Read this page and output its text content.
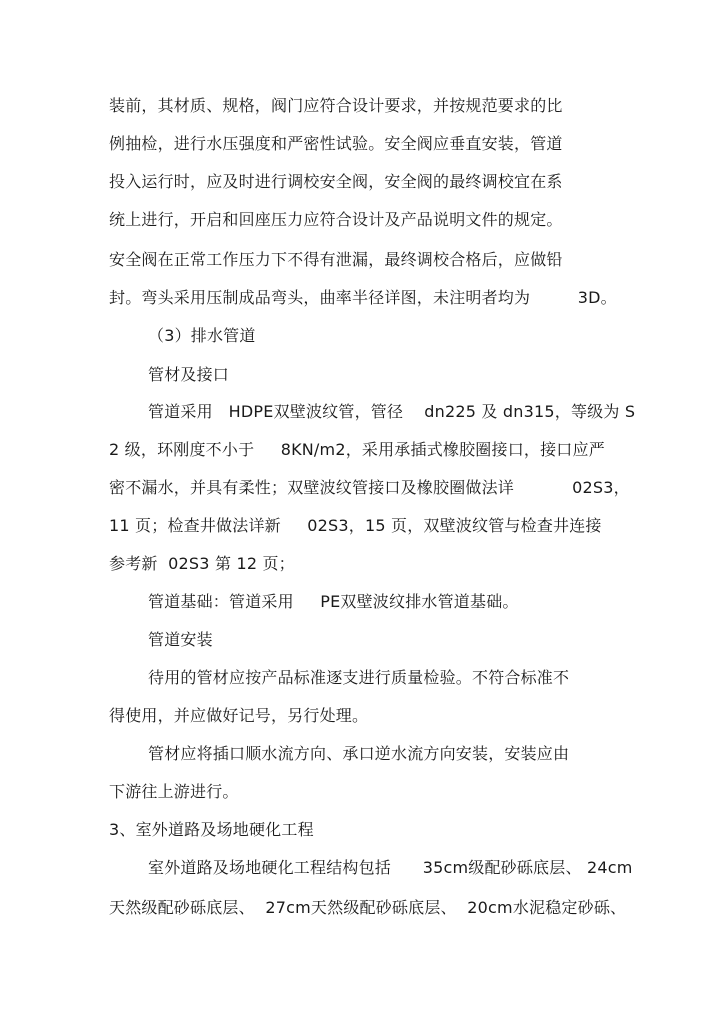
装前，其材质、规格，阀门应符合设计要求，并按规范要求的比
例抽检，进行水压强度和严密性试验。安全阀应垂直安装，管道
投入运行时，应及时进行调校安全阀，安全阀的最终调校宜在系
统上进行，开启和回座压力应符合设计及产品说明文件的规定。
安全阀在正常工作压力下不得有泄漏，最终调校合格后，应做铅
封。弯头采用压制成品弯头，曲率半径详图，未注明者均为         3D。
（3）排水管道
管材及接口
管道采用   HDPE双壁波纹管，管径    dn225 及 dn315，等级为 S
2 级，环刚度不小于     8KN/m2，采用承插式橡胶圈接口，接口应严
密不漏水，并具有柔性；双壁波纹管接口及橡胶圈做法详           02S3，
11 页；检查井做法详新     02S3，15 页，双壁波纹管与检查井连接
参考新  02S3 第 12 页；
管道基础：管道采用     PE双壁波纹排水管道基础。
管道安装
待用的管材应按产品标准逐支进行质量检验。不符合标准不
得使用，并应做好记号，另行处理。
管材应将插口顺水流方向、承口逆水流方向安装，安装应由
下游往上游进行。
3、室外道路及场地硬化工程
室外道路及场地硬化工程结构包括      35cm级配砂砾底层、 24cm
天然级配砂砾底层、  27cm天然级配砂砾底层、  20cm水泥稳定砂砾、
